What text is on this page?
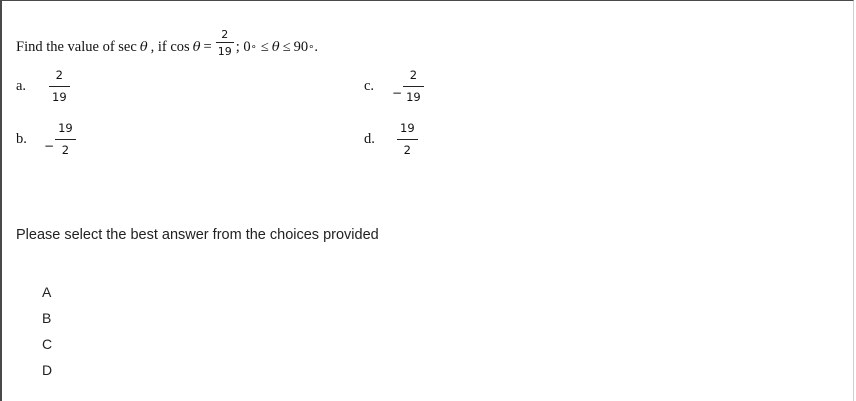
Find the value of sec θ , if $\cos \theta = \frac{2}{19}$ ; 0 ∘ ≤ θ ≤ 90 ∘ .
a.	$\frac{2}{19}$
b.	− $\frac{19}{2}$
c.	− $\frac{2}{19}$
d.	$\frac{19}{2}$
Please select the best answer from the choices provided
A
B
C
D
